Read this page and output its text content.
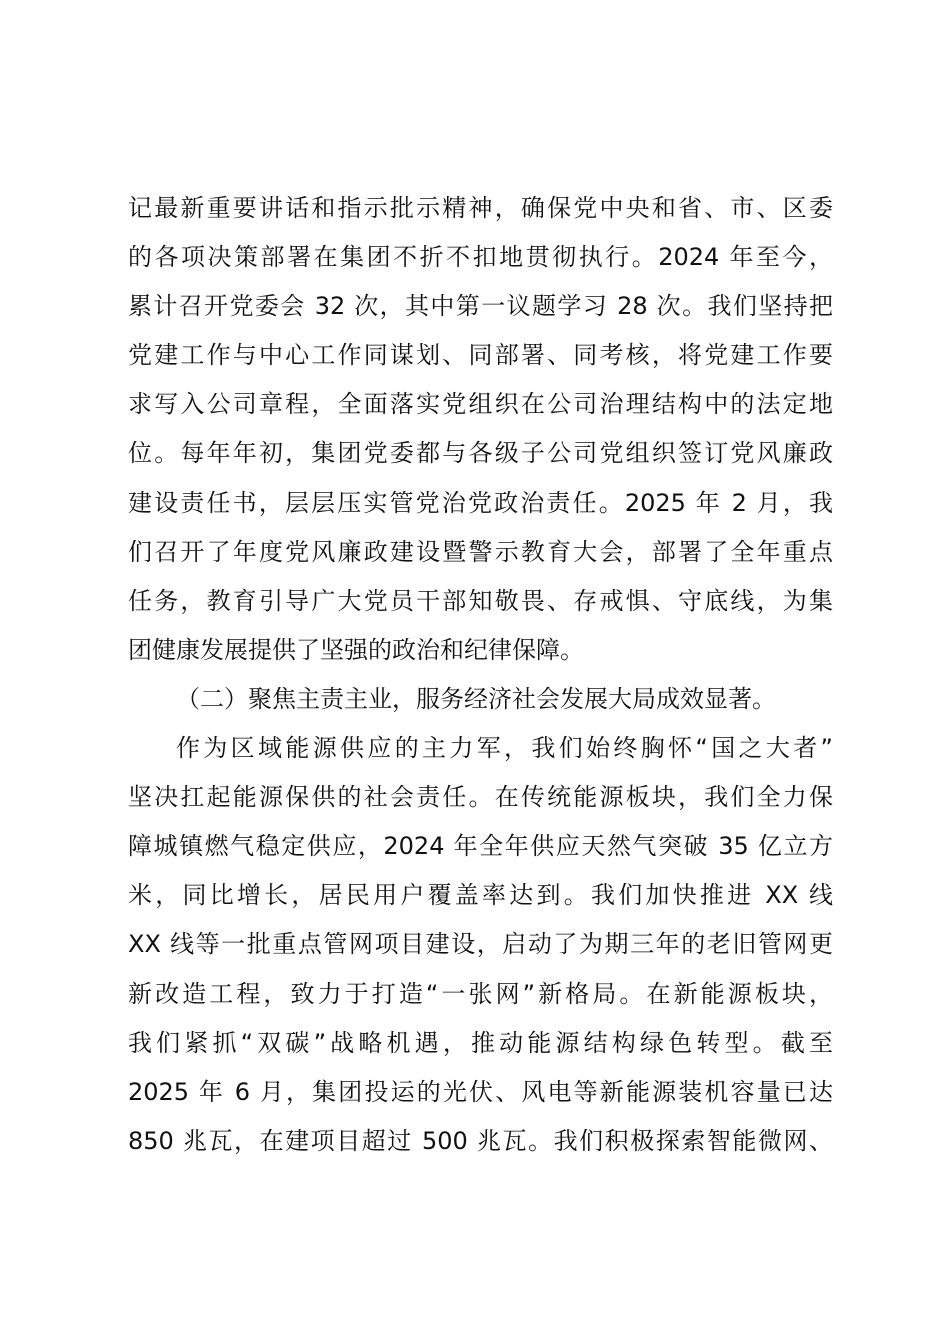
记最新重要讲话和指示批示精神，确保党中央和省、市、区委

的各项决策部署在集团不折不扣地贯彻执行。2024 年至今，

累计召开党委会 32 次，其中第一议题学习 28 次。我们坚持把

党建工作与中心工作同谋划、同部署、同考核，将党建工作要

求写入公司章程，全面落实党组织在公司治理结构中的法定地

位。每年年初，集团党委都与各级子公司党组织签订党风廉政

建设责任书，层层压实管党治党政治责任。2025 年 2 月，我

们召开了年度党风廉政建设暨警示教育大会，部署了全年重点

任务，教育引导广大党员干部知敬畏、存戒惧、守底线，为集

团健康发展提供了坚强的政治和纪律保障。

（二）聚焦主责主业，服务经济社会发展大局成效显著。

作为区域能源供应的主力军，我们始终胸怀“国之大者”

坚决扛起能源保供的社会责任。在传统能源板块，我们全力保

障城镇燃气稳定供应，2024 年全年供应天然气突破 35 亿立方

米，同比增长，居民用户覆盖率达到。我们加快推进 XX 线

XX 线等一批重点管网项目建设，启动了为期三年的老旧管网更

新改造工程，致力于打造“一张网”新格局。在新能源板块，

我们紧抓“双碳”战略机遇，推动能源结构绿色转型。截至

2025 年 6 月，集团投运的光伏、风电等新能源装机容量已达

850 兆瓦，在建项目超过 500 兆瓦。我们积极探索智能微网、
